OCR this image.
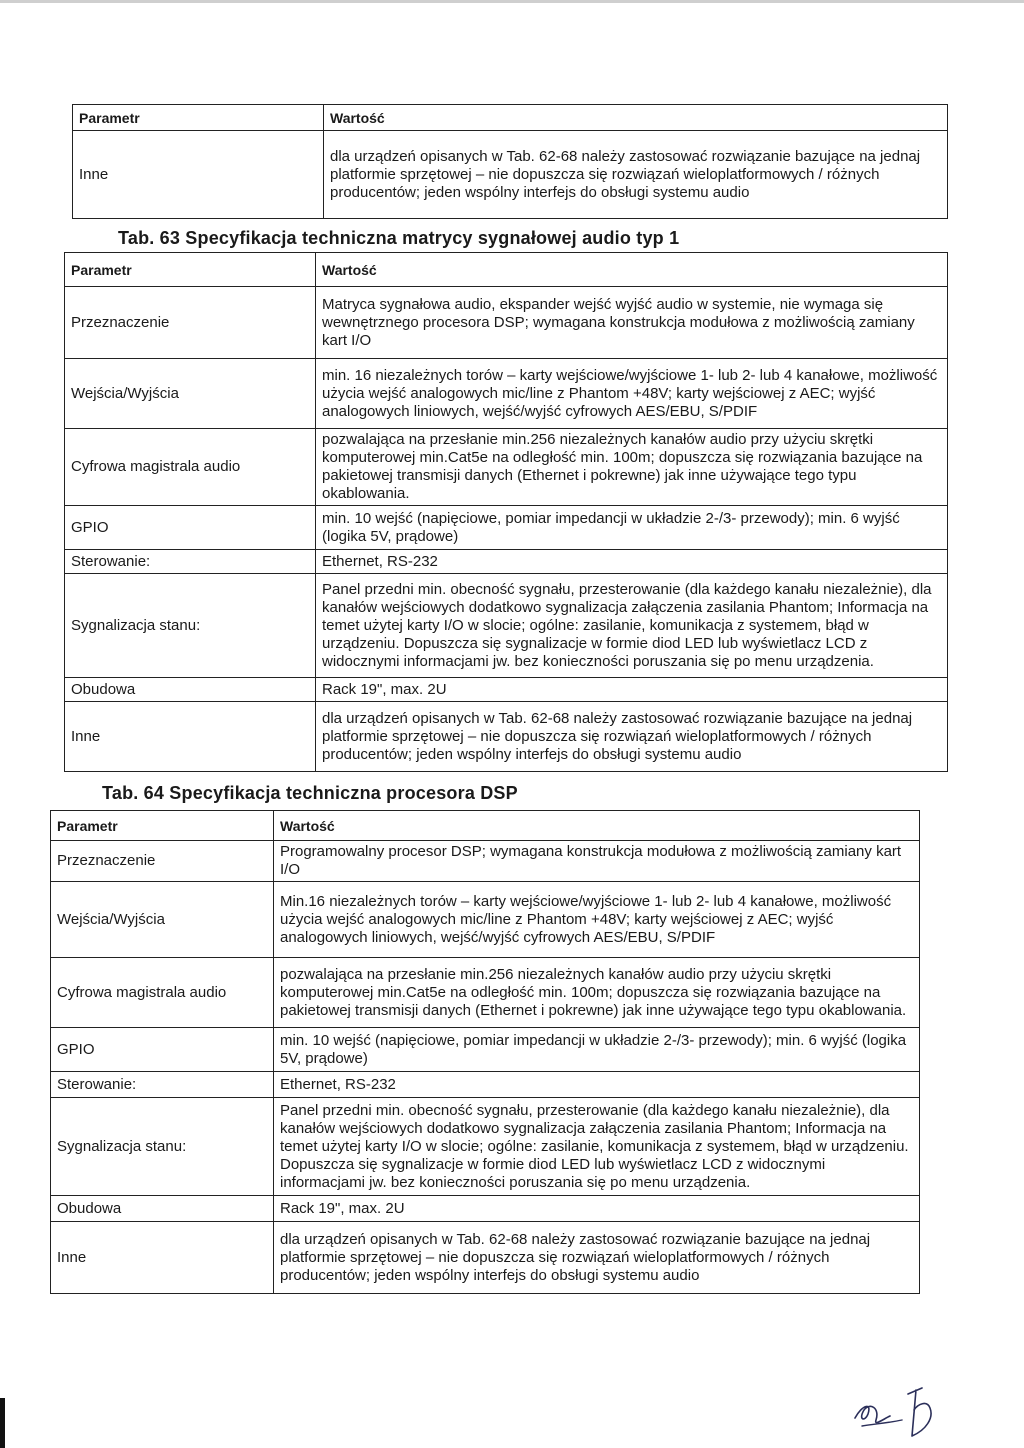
Parametr	Wartość
Inne	dla urządzeń opisanych w Tab. 62-68 należy zastosować rozwiązanie bazujące na jednaj platformie sprzętowej – nie dopuszcza się rozwiązań wieloplatformowych / różnych producentów; jeden wspólny interfejs do obsługi systemu audio
Tab. 63 Specyfikacja techniczna matrycy sygnałowej audio typ 1
Parametr	Wartość
Przeznaczenie	Matryca sygnałowa audio, ekspander wejść wyjść audio w systemie, nie wymaga się wewnętrznego procesora DSP; wymagana konstrukcja modułowa z możliwością zamiany kart I/O
Wejścia/Wyjścia	min. 16 niezależnych torów – karty wejściowe/wyjściowe 1- lub 2- lub 4 kanałowe, możliwość użycia wejść analogowych mic/line z Phantom +48V; karty wejściowej z AEC; wyjść analogowych liniowych, wejść/wyjść cyfrowych AES/EBU, S/PDIF
Cyfrowa magistrala audio	pozwalająca na przesłanie min.256 niezależnych kanałów audio przy użyciu skrętki komputerowej min.Cat5e na odległość min. 100m; dopuszcza się rozwiązania bazujące na pakietowej transmisji danych (Ethernet i pokrewne) jak inne używające tego typu okablowania.
GPIO	min. 10 wejść (napięciowe, pomiar impedancji w układzie 2-/3- przewody); min. 6 wyjść (logika 5V, prądowe)
Sterowanie:	Ethernet, RS-232
Sygnalizacja stanu:	Panel przedni min. obecność sygnału, przesterowanie (dla każdego kanału niezależnie), dla kanałów wejściowych dodatkowo sygnalizacja załączenia zasilania Phantom; Informacja na temet użytej karty I/O w slocie; ogólne: zasilanie, komunikacja z systemem, błąd w urządzeniu. Dopuszcza się sygnalizacje w formie diod LED lub wyświetlacz LCD z widocznymi informacjami jw. bez konieczności poruszania się po menu urządzenia.
Obudowa	Rack 19", max. 2U
Inne	dla urządzeń opisanych w Tab. 62-68 należy zastosować rozwiązanie bazujące na jednaj platformie sprzętowej – nie dopuszcza się rozwiązań wieloplatformowych / różnych producentów; jeden wspólny interfejs do obsługi systemu audio
Tab. 64 Specyfikacja techniczna procesora DSP
Parametr	Wartość
Przeznaczenie	Programowalny procesor DSP; wymagana konstrukcja modułowa z możliwością zamiany kart I/O
Wejścia/Wyjścia	Min.16 niezależnych torów – karty wejściowe/wyjściowe 1- lub 2- lub 4 kanałowe, możliwość użycia wejść analogowych mic/line z Phantom +48V; karty wejściowej z AEC; wyjść analogowych liniowych, wejść/wyjść cyfrowych AES/EBU, S/PDIF
Cyfrowa magistrala audio	pozwalająca na przesłanie min.256 niezależnych kanałów audio przy użyciu skrętki komputerowej min.Cat5e na odległość min. 100m; dopuszcza się rozwiązania bazujące na pakietowej transmisji danych (Ethernet i pokrewne) jak inne używające tego typu okablowania.
GPIO	min. 10 wejść (napięciowe, pomiar impedancji w układzie 2-/3- przewody); min. 6 wyjść (logika 5V, prądowe)
Sterowanie:	Ethernet, RS-232
Sygnalizacja stanu:	Panel przedni min. obecność sygnału, przesterowanie (dla każdego kanału niezależnie), dla kanałów wejściowych dodatkowo sygnalizacja załączenia zasilania Phantom; Informacja na temet użytej karty I/O w slocie; ogólne: zasilanie, komunikacja z systemem, błąd w urządzeniu. Dopuszcza się sygnalizacje w formie diod LED lub wyświetlacz LCD z widocznymi informacjami jw. bez konieczności poruszania się po menu urządzenia.
Obudowa	Rack 19", max. 2U
Inne	dla urządzeń opisanych w Tab. 62-68 należy zastosować rozwiązanie bazujące na jednaj platformie sprzętowej – nie dopuszcza się rozwiązań wieloplatformowych / różnych producentów; jeden wspólny interfejs do obsługi systemu audio
